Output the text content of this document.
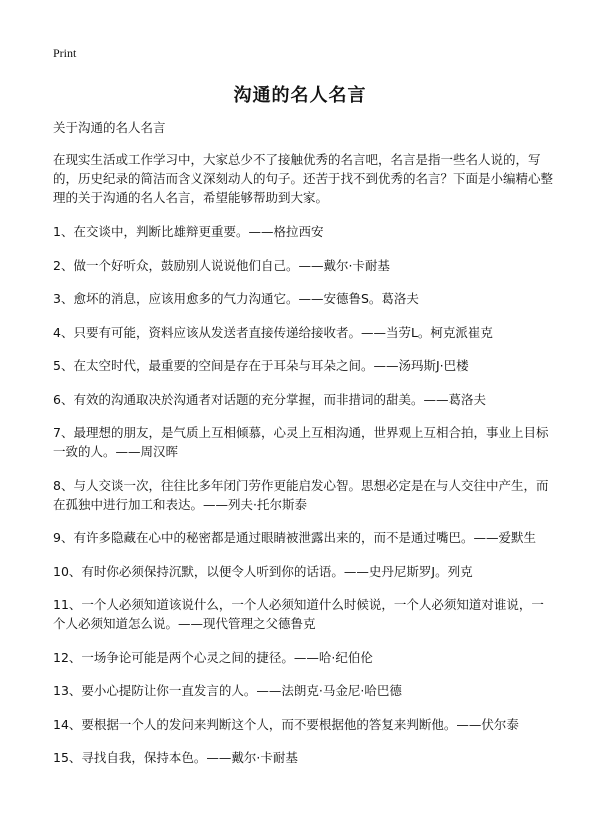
Print
沟通的名人名言
关于沟通的名人名言
在现实生活或工作学习中，大家总少不了接触优秀的名言吧，名言是指一些名人说的，写的，历史纪录的简洁而含义深刻动人的句子。还苦于找不到优秀的名言？下面是小编精心整理的关于沟通的名人名言，希望能够帮助到大家。
1、在交谈中，判断比雄辩更重要。——格拉西安
2、做一个好听众，鼓励别人说说他们自己。——戴尔·卡耐基
3、愈坏的消息，应该用愈多的气力沟通它。——安德鲁S。葛洛夫
4、只要有可能，资料应该从发送者直接传递给接收者。——当劳L。柯克派崔克
5、在太空时代，最重要的空间是存在于耳朵与耳朵之间。——汤玛斯J·巴楼
6、有效的沟通取决於沟通者对话题的充分掌握，而非措词的甜美。——葛洛夫
7、最理想的朋友，是气质上互相倾慕，心灵上互相沟通，世界观上互相合拍，事业上目标一致的人。——周汉晖
8、与人交谈一次，往往比多年闭门劳作更能启发心智。思想必定是在与人交往中产生，而在孤独中进行加工和表达。——列夫·托尔斯泰
9、有许多隐藏在心中的秘密都是通过眼睛被泄露出来的，而不是通过嘴巴。——爱默生
10、有时你必须保持沉默，以便令人听到你的话语。——史丹尼斯罗J。列克
11、一个人必须知道该说什么，一个人必须知道什么时候说，一个人必须知道对谁说，一个人必须知道怎么说。——现代管理之父德鲁克
12、一场争论可能是两个心灵之间的捷径。——哈·纪伯伦
13、要小心提防让你一直发言的人。——法朗克·马金尼·哈巴德
14、要根据一个人的发问来判断这个人，而不要根据他的答复来判断他。——伏尔泰
15、寻找自我，保持本色。——戴尔·卡耐基
